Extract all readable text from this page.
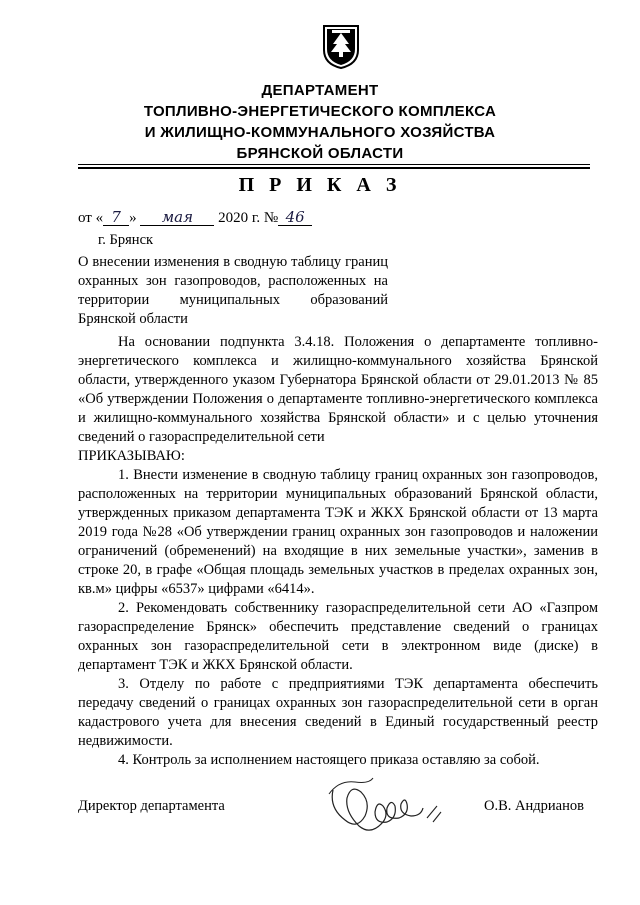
ДЕПАРТАМЕНТ

ТОПЛИВНО-ЭНЕРГЕТИЧЕСКОГО КОМПЛЕКСА

И ЖИЛИЩНО-КОММУНАЛЬНОГО ХОЗЯЙСТВА

БРЯНСКОЙ ОБЛАСТИ

П Р И К А З
от « 7 » мая 2020 г. № 46
г. Брянск
О внесении изменения в сводную таблицу границ охранных зон газопроводов, расположенных на территории муниципальных образований Брянской области

На основании подпункта 3.4.18. Положения о департаменте топливно-энергетического комплекса и жилищно-коммунального хозяйства Брянской области, утвержденного указом Губернатора Брянской области от 29.01.2013 № 85 «Об утверждении Положения о департаменте топливно-энергетического комплекса и жилищно-коммунального хозяйства Брянской области» и с целью уточнения сведений о газораспределительной сети

ПРИКАЗЫВАЮ:

1. Внести изменение в сводную таблицу границ охранных зон газопроводов, расположенных на территории муниципальных образований Брянской области, утвержденных приказом департамента ТЭК и ЖКХ Брянской области от 13 марта 2019 года №28 «Об утверждении границ охранных зон газопроводов и наложении ограничений (обременений) на входящие в них земельные участки», заменив в строке 20, в графе «Общая площадь земельных участков в пределах охранных зон, кв.м» цифры «6537» цифрами «6414».

2. Рекомендовать собственнику газораспределительной сети АО «Газпром газораспределение Брянск» обеспечить представление сведений о границах охранных зон газораспределительной сети в электронном виде (диске) в департамент ТЭК и ЖКХ Брянской области.

3. Отделу по работе с предприятиями ТЭК департамента обеспечить передачу сведений о границах охранных зон газораспределительной сети в орган кадастрового учета для внесения сведений в Единый государственный реестр недвижимости.

4. Контроль за исполнением настоящего приказа оставляю за собой.

Директор департамента	О.В. Андрианов
